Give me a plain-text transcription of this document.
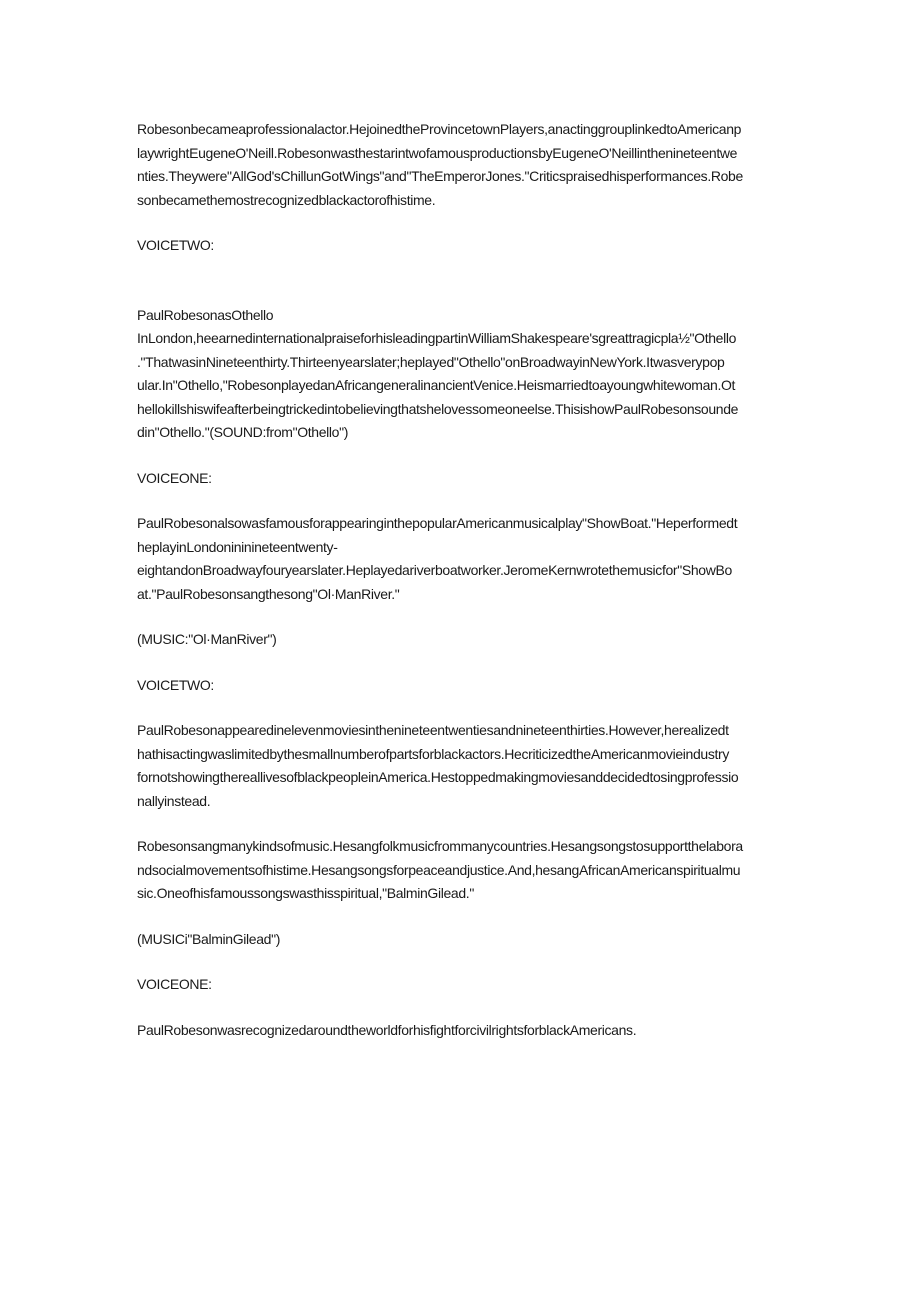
Robesonbecameaprofessionalactor.HejoinedtheProvincetownPlayers,anactinggrouplinkedtoAmericanp
laywrightEugeneO'Neill.RobesonwasthestarintwofamousproductionsbyEugeneO'Neillinthenineteentwe
nties.Theywere"AllGod'sChillunGotWings"and"TheEmperorJones."Criticspraisedhisperformances.Robe
sonbecamethemostrecognizedblackactorofhistime.

VOICETWO:

PaulRobesonasOthello
InLondon,heearnedinternationalpraiseforhisleadingpartinWilliamShakespeare'sgreattragicpla½"Othello
."ThatwasinNineteenthirty.Thirteenyearslater;heplayed"Othello"onBroadwayinNewYork.Itwasverypop
ular.In"Othello,"RobesonplayedanAfricangeneralinancientVenice.Heismarriedtoayoungwhitewoman.Ot
hellokillshiswifeafterbeingtrickedintobelievingthatshelovessomeoneelse.ThisishowPaulRobesonsounde
din"Othello."(SOUND:from"Othello")

VOICEONE:

PaulRobesonalsowasfamousforappearinginthepopularAmericanmusicalplay"ShowBoat."Heperformedt
heplayinLondonininineteentwenty-
eightandonBroadwayfouryearslater.Heplayedariverboatworker.JeromeKernwrotethemusicfor"ShowBo
at."PaulRobesonsangthesong"Ol·ManRiver."

(MUSIC:"Ol·ManRiver")

VOICETWO:

PaulRobesonappearedinelevenmoviesinthenineteentwentiesandnineteenthirties.However,herealizedt
hathisactingwaslimitedbythesmallnumberofpartsforblackactors.HecriticizedtheAmericanmovieindustry
fornotshowingthereallivesofblackpeopleinAmerica.Hestoppedmakingmoviesanddecidedtosingprofessio
nallyinstead.

Robesonsangmanykindsofmusic.Hesangfolkmusicfrommanycountries.Hesangsongstosupportthelabora
ndsocialmovementsofhistime.Hesangsongsforpeaceandjustice.And,hesangAfricanAmericanspiritualmu
sic.Oneofhisfamoussongswasthisspiritual,"BalminGilead."

(MUSICi"BalminGilead")

VOICEONE:

PaulRobesonwasrecognizedaroundtheworldforhisfightforcivilrightsforblackAmericans.
